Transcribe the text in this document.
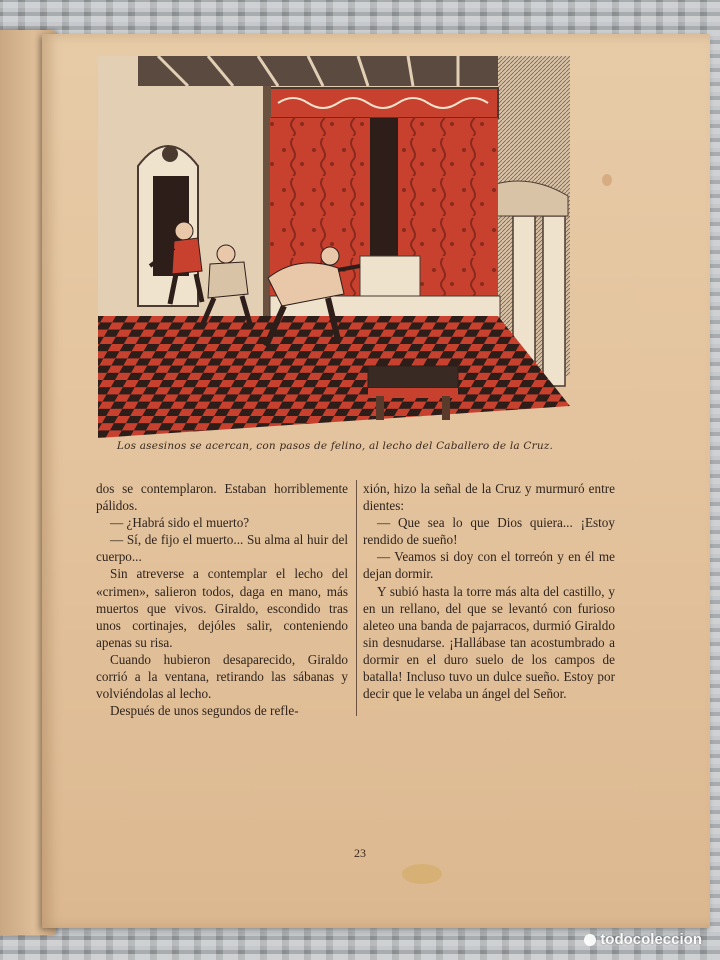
Los asesinos se acercan, con pasos de felino, al lecho del Caballero de la Cruz.

dos se contemplaron. Estaban horriblemente pálidos.

— ¿Habrá sido el muerto?

— Sí, de fijo el muerto... Su alma al huir del cuerpo...

Sin atreverse a contemplar el lecho del «crimen», salieron todos, daga en mano, más muertos que vivos. Giraldo, escondido tras unos cortinajes, dejóles salir, conteniendo apenas su risa.

Cuando hubieron desaparecido, Giraldo corrió a la ventana, retirando las sábanas y volviéndolas al lecho.

Después de unos segundos de refle-

xión, hizo la señal de la Cruz y murmuró entre dientes:

— Que sea lo que Dios quiera... ¡Estoy rendido de sueño!

— Veamos si doy con el torreón y en él me dejan dormir.

Y subió hasta la torre más alta del castillo, y en un rellano, del que se levantó con furioso aleteo una banda de pajarracos, durmió Giraldo sin desnudarse. ¡Hallábase tan acostumbrado a dormir en el duro suelo de los campos de batalla! Incluso tuvo un dulce sueño. Estoy por decir que le velaba un ángel del Señor.

23
todocoleccion
